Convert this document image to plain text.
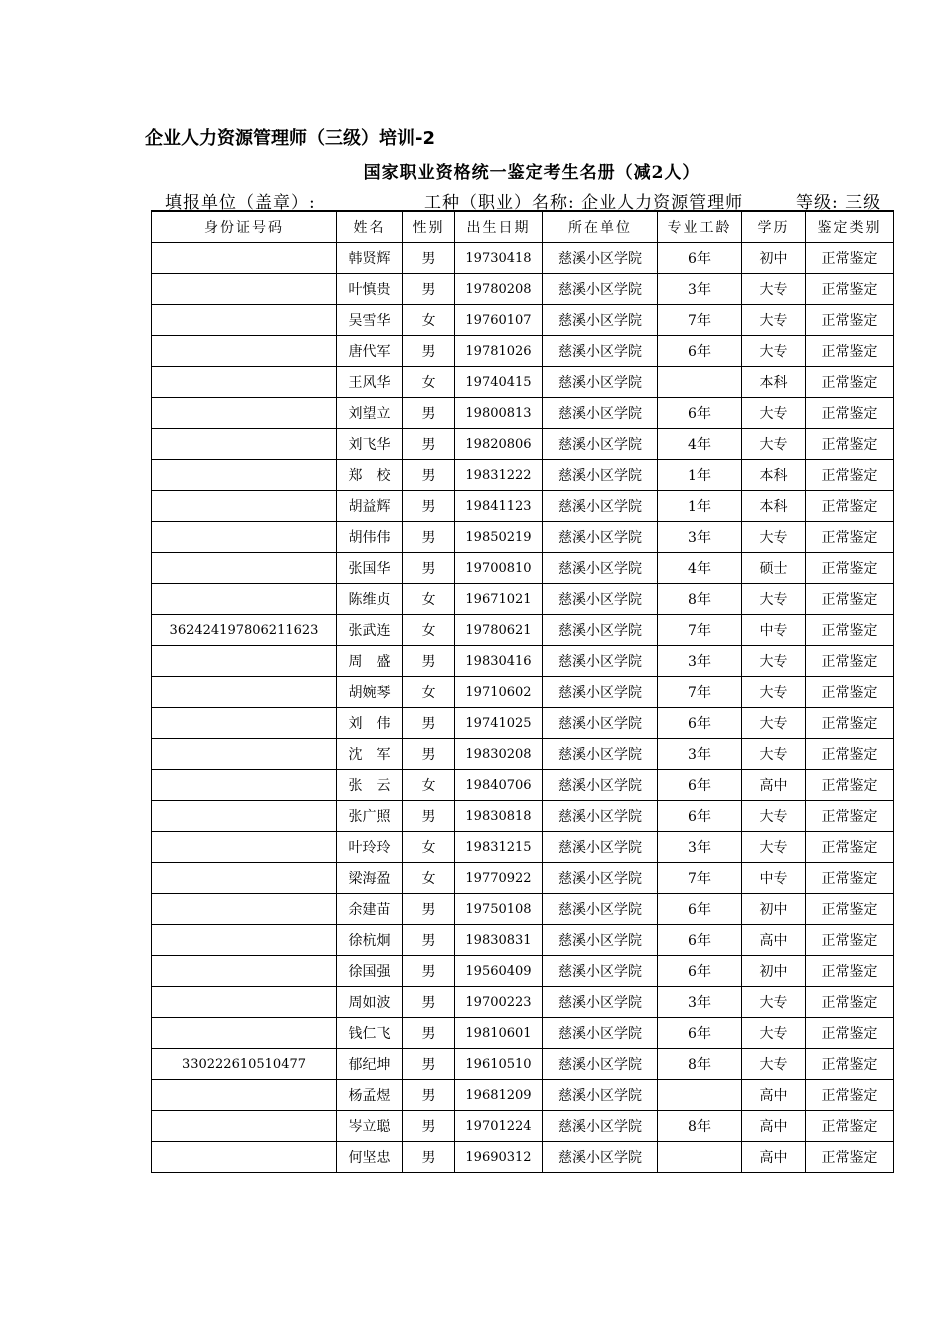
企业人力资源管理师（三级）培训-2
国家职业资格统一鉴定考生名册（减2人）
填报单位（盖章）:	工种（职业）名称: 企业人力资源管理师	等级: 三级
身份证号码	姓名	性别	出生日期	所在单位	专业工龄	学历	鉴定类别
	韩贤辉	男	19730418	慈溪小区学院	6年	初中	正常鉴定
	叶慎贵	男	19780208	慈溪小区学院	3年	大专	正常鉴定
	吴雪华	女	19760107	慈溪小区学院	7年	大专	正常鉴定
	唐代军	男	19781026	慈溪小区学院	6年	大专	正常鉴定
	王风华	女	19740415	慈溪小区学院		本科	正常鉴定
	刘望立	男	19800813	慈溪小区学院	6年	大专	正常鉴定
	刘飞华	男	19820806	慈溪小区学院	4年	大专	正常鉴定
	郑　校	男	19831222	慈溪小区学院	1年	本科	正常鉴定
	胡益辉	男	19841123	慈溪小区学院	1年	本科	正常鉴定
	胡伟伟	男	19850219	慈溪小区学院	3年	大专	正常鉴定
	张国华	男	19700810	慈溪小区学院	4年	硕士	正常鉴定
	陈维贞	女	19671021	慈溪小区学院	8年	大专	正常鉴定
362424197806211623	张武连	女	19780621	慈溪小区学院	7年	中专	正常鉴定
	周　盛	男	19830416	慈溪小区学院	3年	大专	正常鉴定
	胡婉琴	女	19710602	慈溪小区学院	7年	大专	正常鉴定
	刘　伟	男	19741025	慈溪小区学院	6年	大专	正常鉴定
	沈　军	男	19830208	慈溪小区学院	3年	大专	正常鉴定
	张　云	女	19840706	慈溪小区学院	6年	高中	正常鉴定
	张广照	男	19830818	慈溪小区学院	6年	大专	正常鉴定
	叶玲玲	女	19831215	慈溪小区学院	3年	大专	正常鉴定
	梁海盈	女	19770922	慈溪小区学院	7年	中专	正常鉴定
	余建苗	男	19750108	慈溪小区学院	6年	初中	正常鉴定
	徐杭炯	男	19830831	慈溪小区学院	6年	高中	正常鉴定
	徐国强	男	19560409	慈溪小区学院	6年	初中	正常鉴定
	周如波	男	19700223	慈溪小区学院	3年	大专	正常鉴定
	钱仁飞	男	19810601	慈溪小区学院	6年	大专	正常鉴定
330222610510477	郁纪坤	男	19610510	慈溪小区学院	8年	大专	正常鉴定
	杨孟煜	男	19681209	慈溪小区学院		高中	正常鉴定
	岑立聪	男	19701224	慈溪小区学院	8年	高中	正常鉴定
	何坚忠	男	19690312	慈溪小区学院		高中	正常鉴定
